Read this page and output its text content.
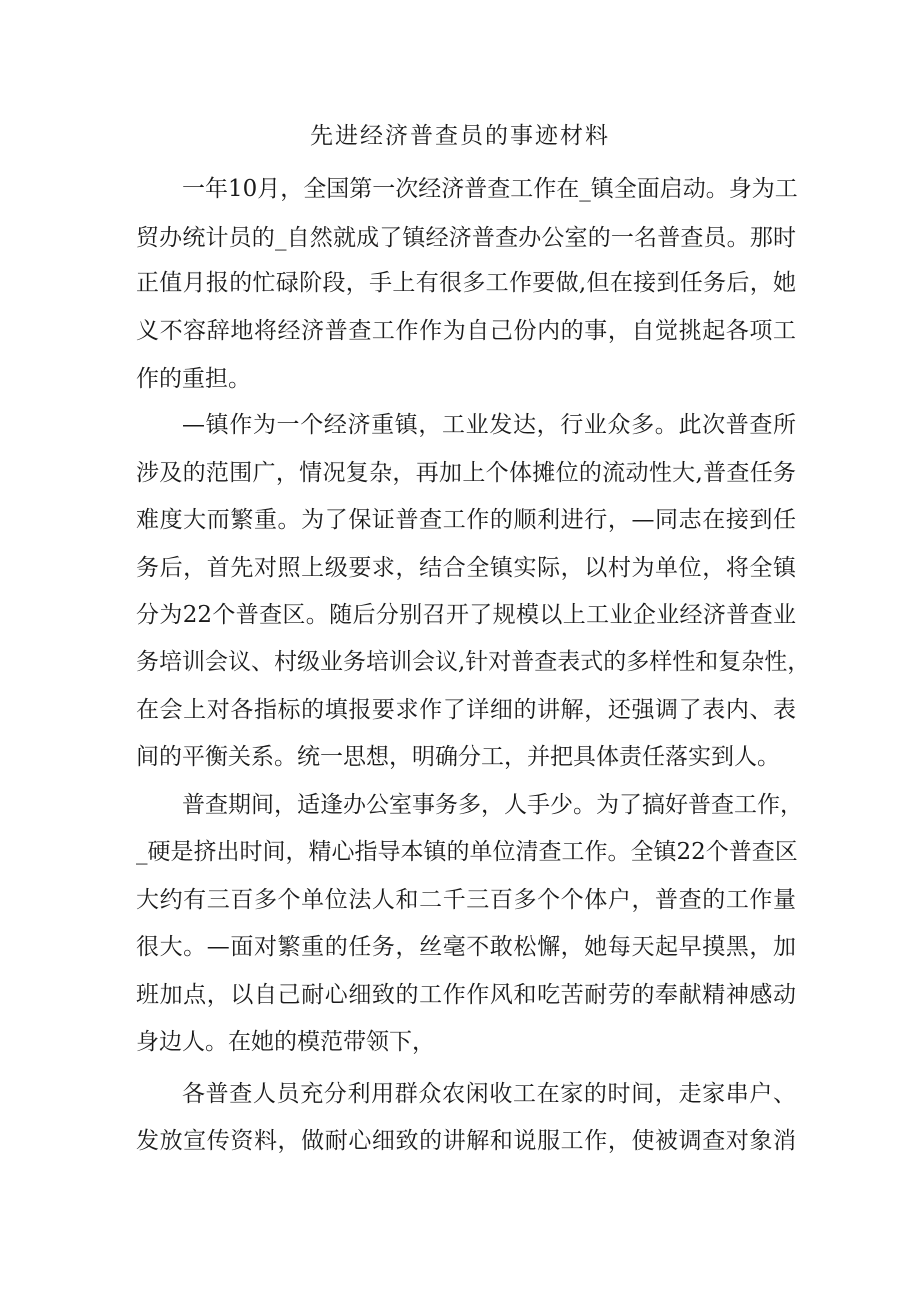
先进经济普查员的事迹材料
一年10月，全国第一次经济普查工作在_镇全面启动。身为工
贸办统计员的_自然就成了镇经济普查办公室的一名普查员。那时
正值月报的忙碌阶段，手上有很多工作要做,但在接到任务后，她
义不容辞地将经济普查工作作为自己份内的事，自觉挑起各项工
作的重担。
—镇作为一个经济重镇，工业发达，行业众多。此次普查所
涉及的范围广，情况复杂，再加上个体摊位的流动性大,普查任务
难度大而繁重。为了保证普查工作的顺利进行，—同志在接到任
务后，首先对照上级要求，结合全镇实际，以村为单位，将全镇
分为22个普查区。随后分别召开了规模以上工业企业经济普查业
务培训会议、村级业务培训会议,针对普查表式的多样性和复杂性，
在会上对各指标的填报要求作了详细的讲解，还强调了表内、表
间的平衡关系。统一思想，明确分工，并把具体责任落实到人。
普查期间，适逢办公室事务多，人手少。为了搞好普查工作，
_硬是挤出时间，精心指导本镇的单位清查工作。全镇22个普查区
大约有三百多个单位法人和二千三百多个个体户，普查的工作量
很大。—面对繁重的任务，丝毫不敢松懈，她每天起早摸黑，加
班加点，以自己耐心细致的工作作风和吃苦耐劳的奉献精神感动
身边人。在她的模范带领下，
各普查人员充分利用群众农闲收工在家的时间，走家串户、
发放宣传资料，做耐心细致的讲解和说服工作，使被调查对象消
